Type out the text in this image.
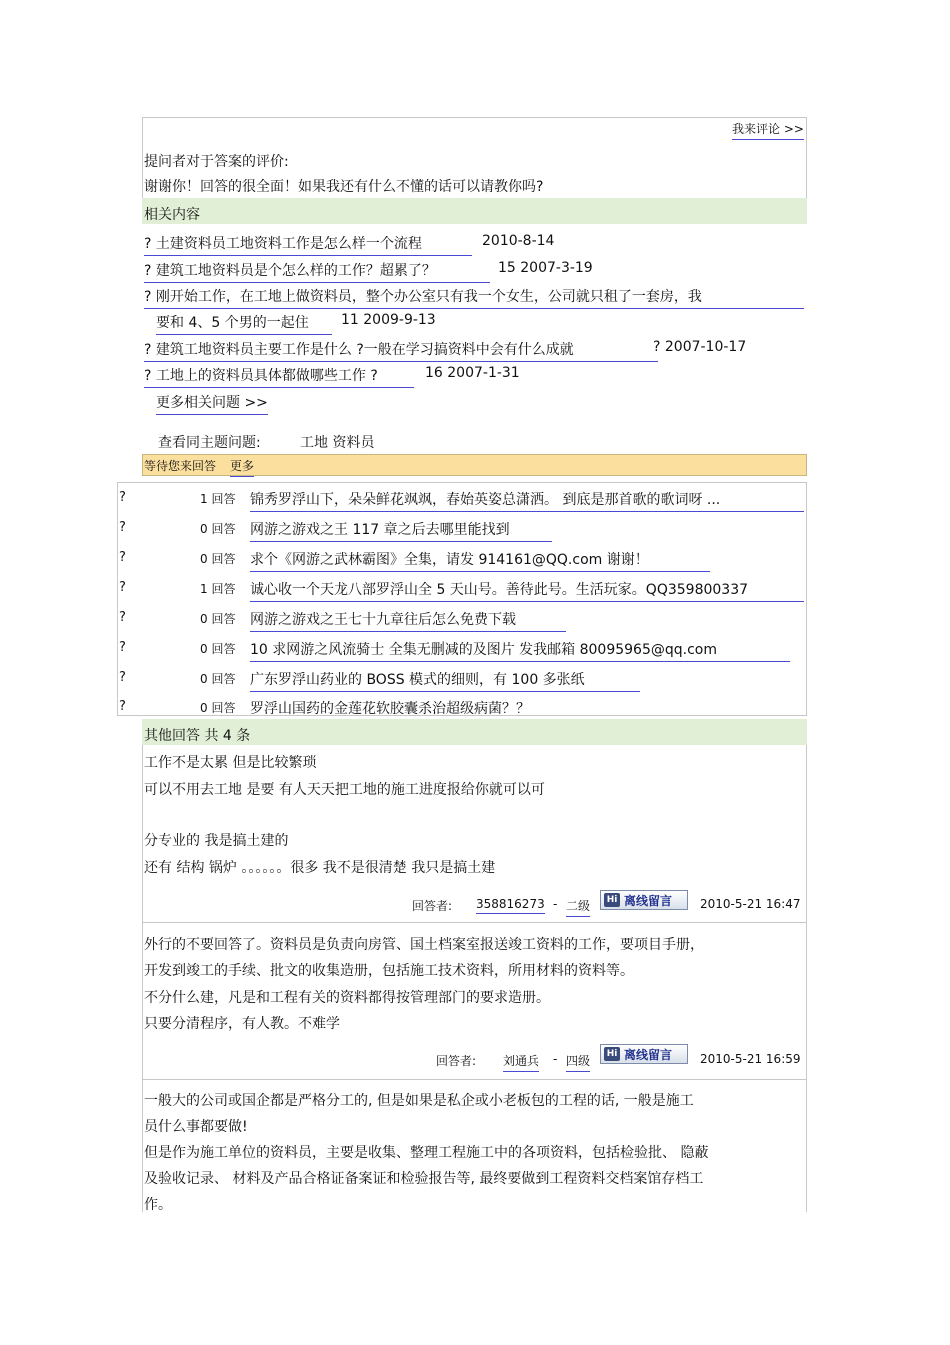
我来评论 >>
提问者对于答案的评价:
谢谢你！回答的很全面！如果我还有什么不懂的话可以请教你吗?
相关内容
? 土建资料员工地资料工作是怎么样一个流程	2010-8-14
? 建筑工地资料员是个怎么样的工作？超累了？	15 2007-3-19
? 刚开始工作，在工地上做资料员，整个办公室只有我一个女生，公司就只租了一套房，我
要和 4、5 个男的一起住	11 2009-9-13
? 建筑工地资料员主要工作是什么 ?一般在学习搞资料中会有什么成就	? 2007-10-17
? 工地上的资料员具体都做哪些工作 ?	16 2007-1-31
更多相关问题 >>
查看同主题问题:	工地 资料员
等待您来回答 更多
?	1 回答 锦秀罗浮山下，朵朵鲜花飒飒，春始英姿总潇洒。 到底是那首歌的歌词呀 ...
?	0 回答 网游之游戏之王 117 章之后去哪里能找到
?	0 回答 求个《网游之武林霸图》全集，请发 914161@QQ.com 谢谢！
?	1 回答 诚心收一个天龙八部罗浮山全 5 天山号。善待此号。生活玩家。QQ359800337
?	0 回答 网游之游戏之王七十九章往后怎么免费下载
?	0 回答 10 求网游之风流骑士 全集无删减的及图片 发我邮箱 80095965@qq.com
?	0 回答 广东罗浮山药业的 BOSS 模式的细则，有 100 多张纸
?	0 回答 罗浮山国药的金莲花软胶囊杀治超级病菌？？
其他回答 共 4 条
工作不是太累 但是比较繁琐
可以不用去工地 是要 有人天天把工地的施工进度报给你就可以可
分专业的 我是搞土建的
还有 结构 锅炉 。。。。。。很多 我不是很清楚 我只是搞土建
回答者: 358816273 - 二级 Hi 离线留言 2010-5-21 16:47
外行的不要回答了。资料员是负责向房管、国土档案室报送竣工资料的工作，要项目手册，
开发到竣工的手续、批文的收集造册，包括施工技术资料，所用材料的资料等。
不分什么建，凡是和工程有关的资料都得按管理部门的要求造册。
只要分清程序，有人教。不难学
回答者: 刘通兵 - 四级 Hi 离线留言 2010-5-21 16:59
一般大的公司或国企都是严格分工的, 但是如果是私企或小老板包的工程的话, 一般是施工
员什么事都要做!
但是作为施工单位的资料员，主要是收集、整理工程施工中的各项资料，包括检验批、 隐蔽
及验收记录、 材料及产品合格证备案证和检验报告等, 最终要做到工程资料交档案馆存档工
作。
